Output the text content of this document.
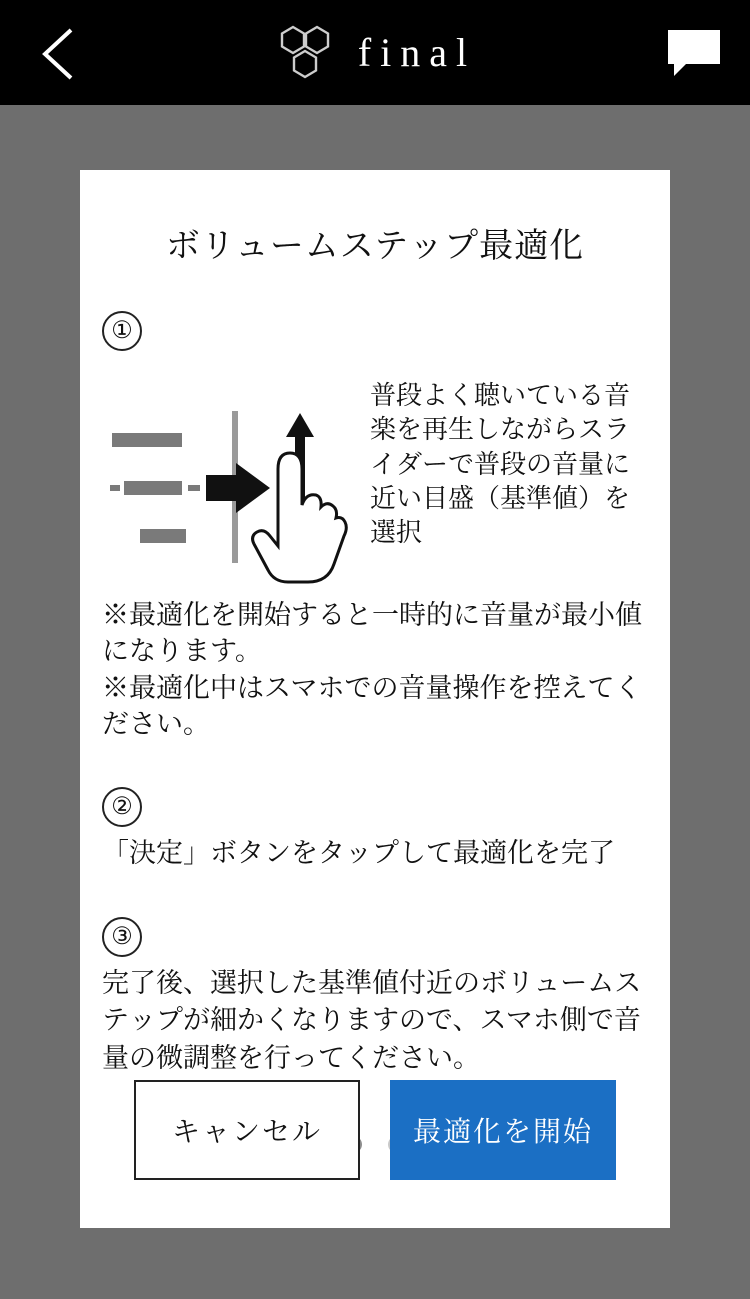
final
ボリュームステップ最適化
①
普段よく聴いている音楽を再生しながらスライダーで普段の音量に近い目盛（基準値）を選択

※最適化を開始すると一時的に音量が最小値になります。

※最適化中はスマホでの音量操作を控えてください。

②
「決定」ボタンをタップして最適化を完了
③
完了後、選択した基準値付近のボリュームステップが細かくなりますので、スマホ側で音量の微調整を行ってください。
キャンセル	最適化を開始
